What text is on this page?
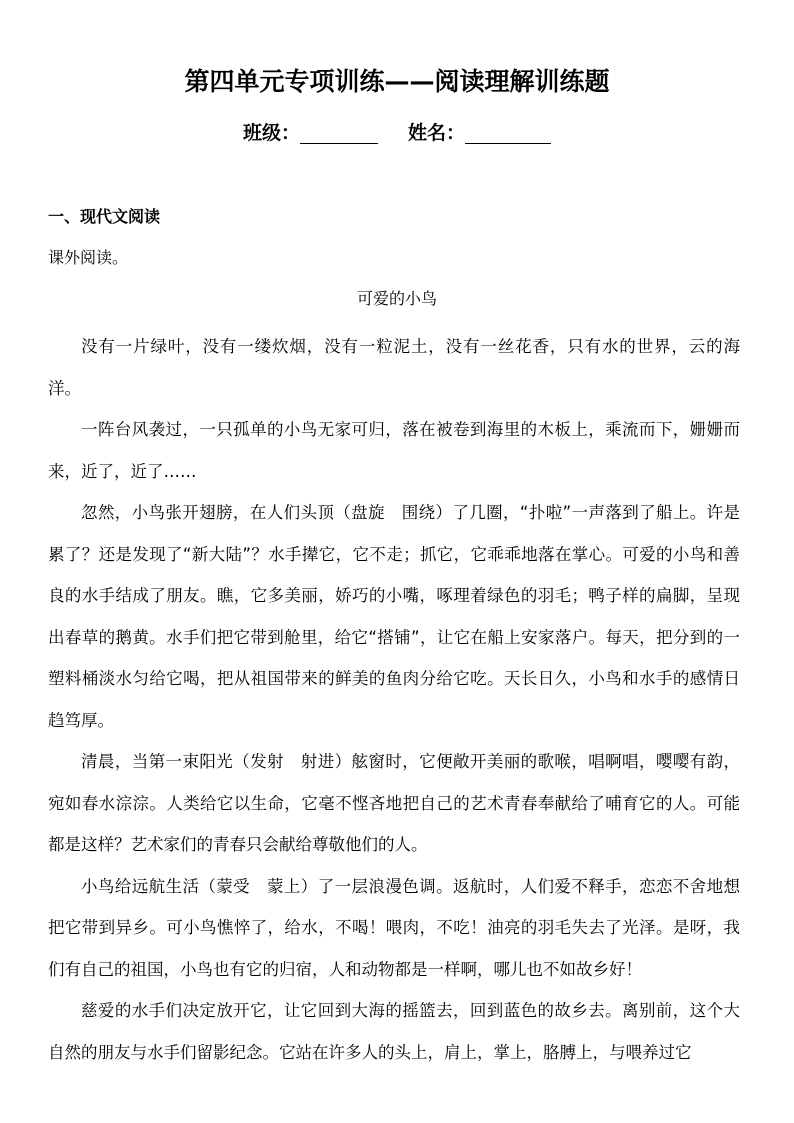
第四单元专项训练——阅读理解训练题
班级：	姓名：
一、现代文阅读
课外阅读。
可爱的小鸟

没有一片绿叶，没有一缕炊烟，没有一粒泥土，没有一丝花香，只有水的世界，云的海洋。

一阵台风袭过，一只孤单的小鸟无家可归，落在被卷到海里的木板上，乘流而下，姗姗而来，近了，近了……

忽然，小鸟张开翅膀，在人们头顶（盘旋　围绕）了几圈，“扑啦”一声落到了船上。许是累了？还是发现了“新大陆”？水手撵它，它不走；抓它，它乖乖地落在掌心。可爱的小鸟和善良的水手结成了朋友。瞧，它多美丽，娇巧的小嘴，啄理着绿色的羽毛；鸭子样的扁脚，呈现出春草的鹅黄。水手们把它带到舱里，给它“搭铺”，让它在船上安家落户。每天，把分到的一塑料桶淡水匀给它喝，把从祖国带来的鲜美的鱼肉分给它吃。天长日久，小鸟和水手的感情日趋笃厚。

清晨，当第一束阳光（发射　射进）舷窗时，它便敞开美丽的歌喉，唱啊唱，嘤嘤有韵，宛如春水淙淙。人类给它以生命，它毫不悭吝地把自己的艺术青春奉献给了哺育它的人。可能都是这样？艺术家们的青春只会献给尊敬他们的人。

小鸟给远航生活（蒙受　蒙上）了一层浪漫色调。返航时，人们爱不释手，恋恋不舍地想把它带到异乡。可小鸟憔悴了，给水，不喝！喂肉，不吃！油亮的羽毛失去了光泽。是呀，我们有自己的祖国，小鸟也有它的归宿，人和动物都是一样啊，哪儿也不如故乡好！

慈爱的水手们决定放开它，让它回到大海的摇篮去，回到蓝色的故乡去。离别前，这个大自然的朋友与水手们留影纪念。它站在许多人的头上，肩上，掌上，胳膊上，与喂养过它
